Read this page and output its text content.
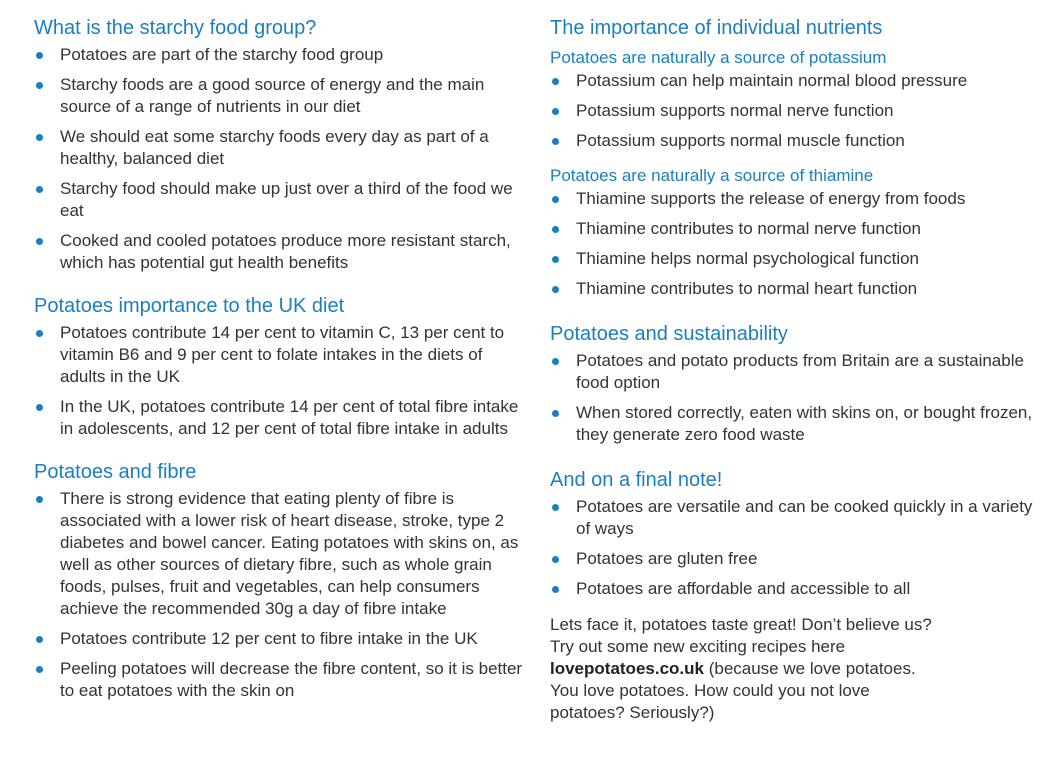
What is the starchy food group?
Potatoes are part of the starchy food group
Starchy foods are a good source of energy and the main source of a range of nutrients in our diet
We should eat some starchy foods every day as part of a healthy, balanced diet
Starchy food should make up just over a third of the food we eat
Cooked and cooled potatoes produce more resistant starch, which has potential gut health benefits
Potatoes importance to the UK diet
Potatoes contribute 14 per cent to vitamin C, 13 per cent to vitamin B6 and 9 per cent to folate intakes in the diets of adults in the UK
In the UK, potatoes contribute 14 per cent of total fibre intake in adolescents, and 12 per cent of total fibre intake in adults
Potatoes and fibre
There is strong evidence that eating plenty of fibre is associated with a lower risk of heart disease, stroke, type 2 diabetes and bowel cancer. Eating potatoes with skins on, as well as other sources of dietary fibre, such as whole grain foods, pulses, fruit and vegetables, can help consumers achieve the recommended 30g a day of fibre intake
Potatoes contribute 12 per cent to fibre intake in the UK
Peeling potatoes will decrease the fibre content, so it is better to eat potatoes with the skin on
The importance of individual nutrients
Potatoes are naturally a source of potassium
Potassium can help maintain normal blood pressure
Potassium supports normal nerve function
Potassium supports normal muscle function
Potatoes are naturally a source of thiamine
Thiamine supports the release of energy from foods
Thiamine contributes to normal nerve function
Thiamine helps normal psychological function
Thiamine contributes to normal heart function
Potatoes and sustainability
Potatoes and potato products from Britain are a sustainable food option
When stored correctly, eaten with skins on, or bought frozen, they generate zero food waste
And on a final note!
Potatoes are versatile and can be cooked quickly in a variety of ways
Potatoes are gluten free
Potatoes are affordable and accessible to all

Lets face it, potatoes taste great! Don’t believe us?
Try out some new exciting recipes here
lovepotatoes.co.uk (because we love potatoes.
You love potatoes. How could you not love
potatoes? Seriously?)
